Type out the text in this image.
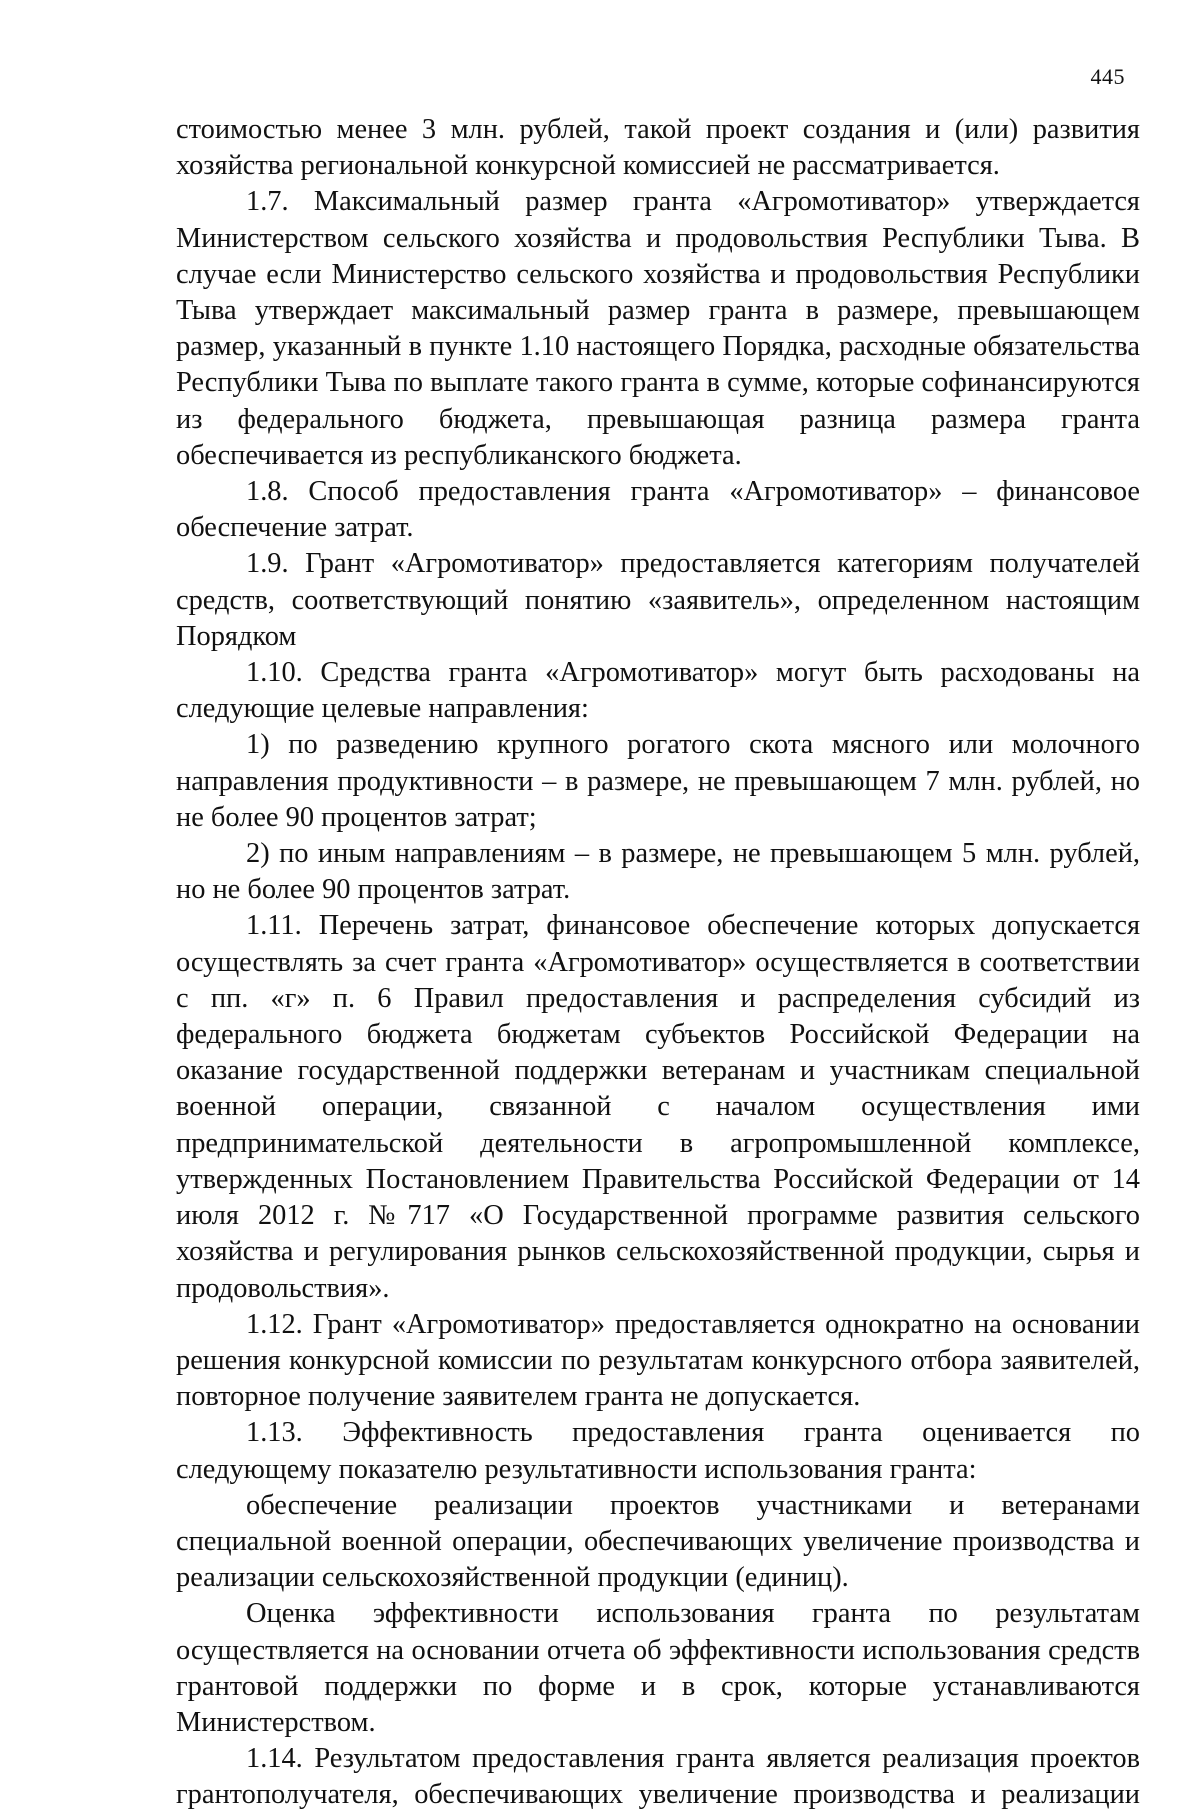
445

стоимостью менее 3 млн. рублей, такой проект создания и (или) развития хозяйства региональной конкурсной комиссией не рассматривается.

1.7. Максимальный размер гранта «Агромотиватор» утверждается Министерством сельского хозяйства и продовольствия Республики Тыва. В случае если Министерство сельского хозяйства и продовольствия Республики Тыва утверждает максимальный размер гранта в размере, превышающем размер, указанный в пункте 1.10 настоящего Порядка, расходные обязательства Республики Тыва по выплате такого гранта в сумме, которые софинансируются из федерального бюджета, превышающая разница размера гранта обеспечивается из республиканского бюджета.

1.8. Способ предоставления гранта «Агромотиватор» – финансовое обеспечение затрат.

1.9. Грант «Агромотиватор» предоставляется категориям получателей средств, соответствующий понятию «заявитель», определенном настоящим Порядком

1.10. Средства гранта «Агромотиватор» могут быть расходованы на следующие целевые направления:

1) по разведению крупного рогатого скота мясного или молочного направления продуктивности – в размере, не превышающем 7 млн. рублей, но не более 90 процентов затрат;

2) по иным направлениям – в размере, не превышающем 5 млн. рублей, но не более 90 процентов затрат.

1.11. Перечень затрат, финансовое обеспечение которых допускается осуществлять за счет гранта «Агромотиватор» осуществляется в соответствии с пп. «г» п. 6 Правил предоставления и распределения субсидий из федерального бюджета бюджетам субъектов Российской Федерации на оказание государственной поддержки ветеранам и участникам специальной военной операции, связанной с началом осуществления ими предпринимательской деятельности в агропромышленной комплексе, утвержденных Постановлением Правительства Российской Федерации от 14 июля 2012 г. №717 «О Государственной программе развития сельского хозяйства и регулирования рынков сельскохозяйственной продукции, сырья и продовольствия».

1.12. Грант «Агромотиватор» предоставляется однократно на основании решения конкурсной комиссии по результатам конкурсного отбора заявителей, повторное получение заявителем гранта не допускается.

1.13. Эффективность предоставления гранта оценивается по следующему показателю результативности использования гранта:

обеспечение реализации проектов участниками и ветеранами специальной военной операции, обеспечивающих увеличение производства и реализации сельскохозяйственной продукции (единиц).

Оценка эффективности использования гранта по результатам осуществляется на основании отчета об эффективности использования средств грантовой поддержки по форме и в срок, которые устанавливаются Министерством.

1.14. Результатом предоставления гранта является реализация проектов грантополучателя, обеспечивающих увеличение производства и реализации
